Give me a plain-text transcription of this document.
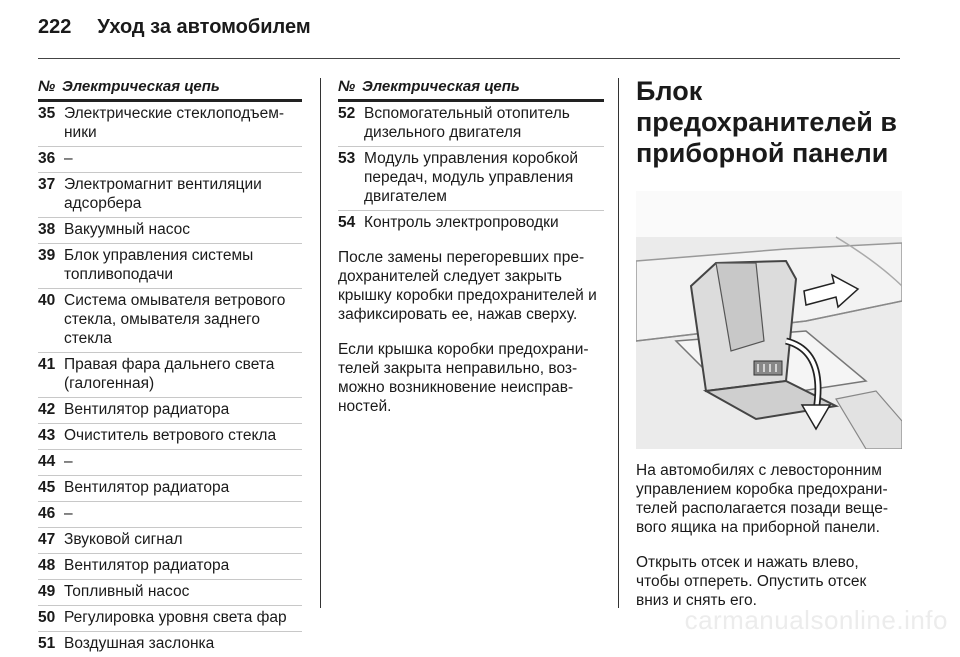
222 Уход за автомобилем
№ Электрическая цепь
35 Электрические стеклоподъемники
36 –
37 Электромагнит вентиляции адсорбера
38 Вакуумный насос
39 Блок управления системы топливоподачи
40 Система омывателя ветрового стекла, омывателя заднего стекла
41 Правая фара дальнего света (галогенная)
42 Вентилятор радиатора
43 Очиститель ветрового стекла
44 –
45 Вентилятор радиатора
46 –
47 Звуковой сигнал
48 Вентилятор радиатора
49 Топливный насос
50 Регулировка уровня света фар
51 Воздушная заслонка
№ Электрическая цепь
52 Вспомогательный отопитель дизельного двигателя
53 Модуль управления коробкой передач, модуль управления двигателем
54 Контроль электропроводки

После замены перегоревших предохранителей следует закрыть крышку коробки предохранителей и зафиксировать ее, нажав сверху.

Если крышка коробки предохранителей закрыта неправильно, возможно возникновение неисправностей.

Блок предохранителей в приборной панели

На автомобилях с левосторонним управлением коробка предохранителей располагается позади вещевого ящика на приборной панели.

Открыть отсек и нажать влево, чтобы отпереть. Опустить отсек вниз и снять его.

carmanualsonline.info
